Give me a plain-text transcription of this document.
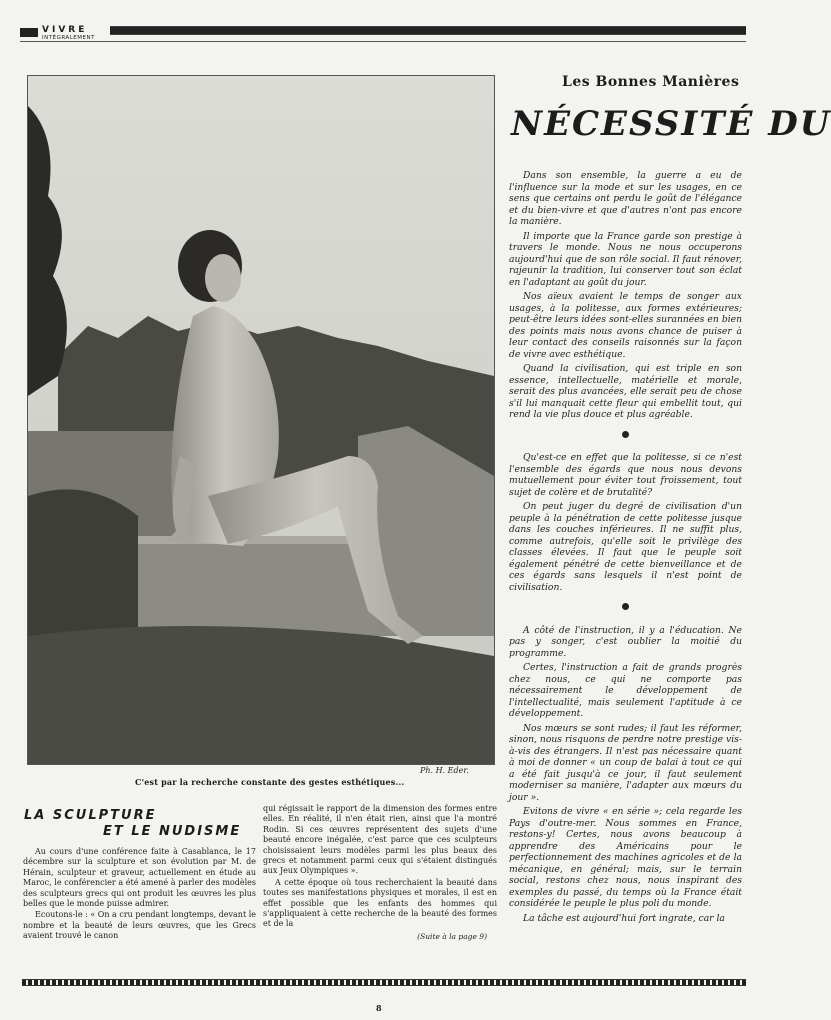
VIVRE
INTÉGRALEMENT
Ph. H. Eder.
C'est par la recherche constante des gestes esthétiques...
LA SCULPTURE
ET LE NUDISME

Au cours d'une conférence faite à Casablanca, le 17 décembre sur la sculpture et son évolution par M. de Hérain, sculpteur et graveur, actuellement en étude au Maroc, le conférencier a été amené à parler des modèles des sculpteurs grecs qui ont produit les œuvres les plus belles que le monde puisse admirer.

Ecoutons-le : « On a cru pendant longtemps, devant le nombre et la beauté de leurs œuvres, que les Grecs avaient trouvé le canon

qui régissait le rapport de la dimension des formes entre elles. En réalité, il n'en était rien, ainsi que l'a montré Rodin. Si ces œuvres représentent des sujets d'une beauté encore inégalée, c'est parce que ces sculpteurs choisissaient leurs modèles parmi les plus beaux des grecs et notamment parmi ceux qui s'étaient distingués aux Jeux Olympiques ».

A cette époque où tous recherchaient la beauté dans toutes ses manifestations physiques et morales, il est en effet possible que les enfants des hommes qui s'appliquaient à cette recherche de la beauté des formes et de la

(Suite à la page 9)
Les Bonnes Manières
NÉCESSITÉ DU

Dans son ensemble, la guerre a eu de l'influence sur la mode et sur les usages, en ce sens que certains ont perdu le goût de l'élégance et du bien-vivre et que d'autres n'ont pas encore la manière.

Il importe que la France garde son prestige à travers le monde. Nous ne nous occuperons aujourd'hui que de son rôle social. Il faut rénover, rajeunir la tradition, lui conserver tout son éclat en l'adaptant au goût du jour.

Nos aïeux avaient le temps de songer aux usages, à la politesse, aux formes extérieures; peut-être leurs idées sont-elles surannées en bien des points mais nous avons chance de puiser à leur contact des conseils raisonnés sur la façon de vivre avec esthétique.

Quand la civilisation, qui est triple en son essence, intellectuelle, matérielle et morale, serait des plus avancées, elle serait peu de chose s'il lui manquait cette fleur qui embellit tout, qui rend la vie plus douce et plus agréable.

Qu'est-ce en effet que la politesse, si ce n'est l'ensemble des égards que nous nous devons mutuellement pour éviter tout froissement, tout sujet de colère et de brutalité?

On peut juger du degré de civilisation d'un peuple à la pénétration de cette politesse jusque dans les couches inférieures. Il ne suffit plus, comme autrefois, qu'elle soit le privilège des classes élevées. Il faut que le peuple soit également pénétré de cette bienveillance et de ces égards sans lesquels il n'est point de civilisation.

A côté de l'instruction, il y a l'éducation. Ne pas y songer, c'est oublier la moitié du programme.

Certes, l'instruction a fait de grands progrès chez nous, ce qui ne comporte pas nécessairement le développement de l'intellectualité, mais seulement l'aptitude à ce développement.

Nos mœurs se sont rudes; il faut les réformer, sinon, nous risquons de perdre notre prestige vis-à-vis des étrangers. Il n'est pas nécessaire quant à moi de donner « un coup de balai à tout ce qui a été fait jusqu'à ce jour, il faut seulement moderniser sa manière, l'adapter aux mœurs du jour ».

Evitons de vivre « en série »; cela regarde les Pays d'outre-mer. Nous sommes en France, restons-y! Certes, nous avons beaucoup à apprendre des Américains pour le perfectionnement des machines agricoles et de la mécanique, en général; mais, sur le terrain social, restons chez nous, nous inspirant des exemples du passé, du temps où la France était considérée le peuple le plus poli du monde.

La tâche est aujourd'hui fort ingrate, car la

8
